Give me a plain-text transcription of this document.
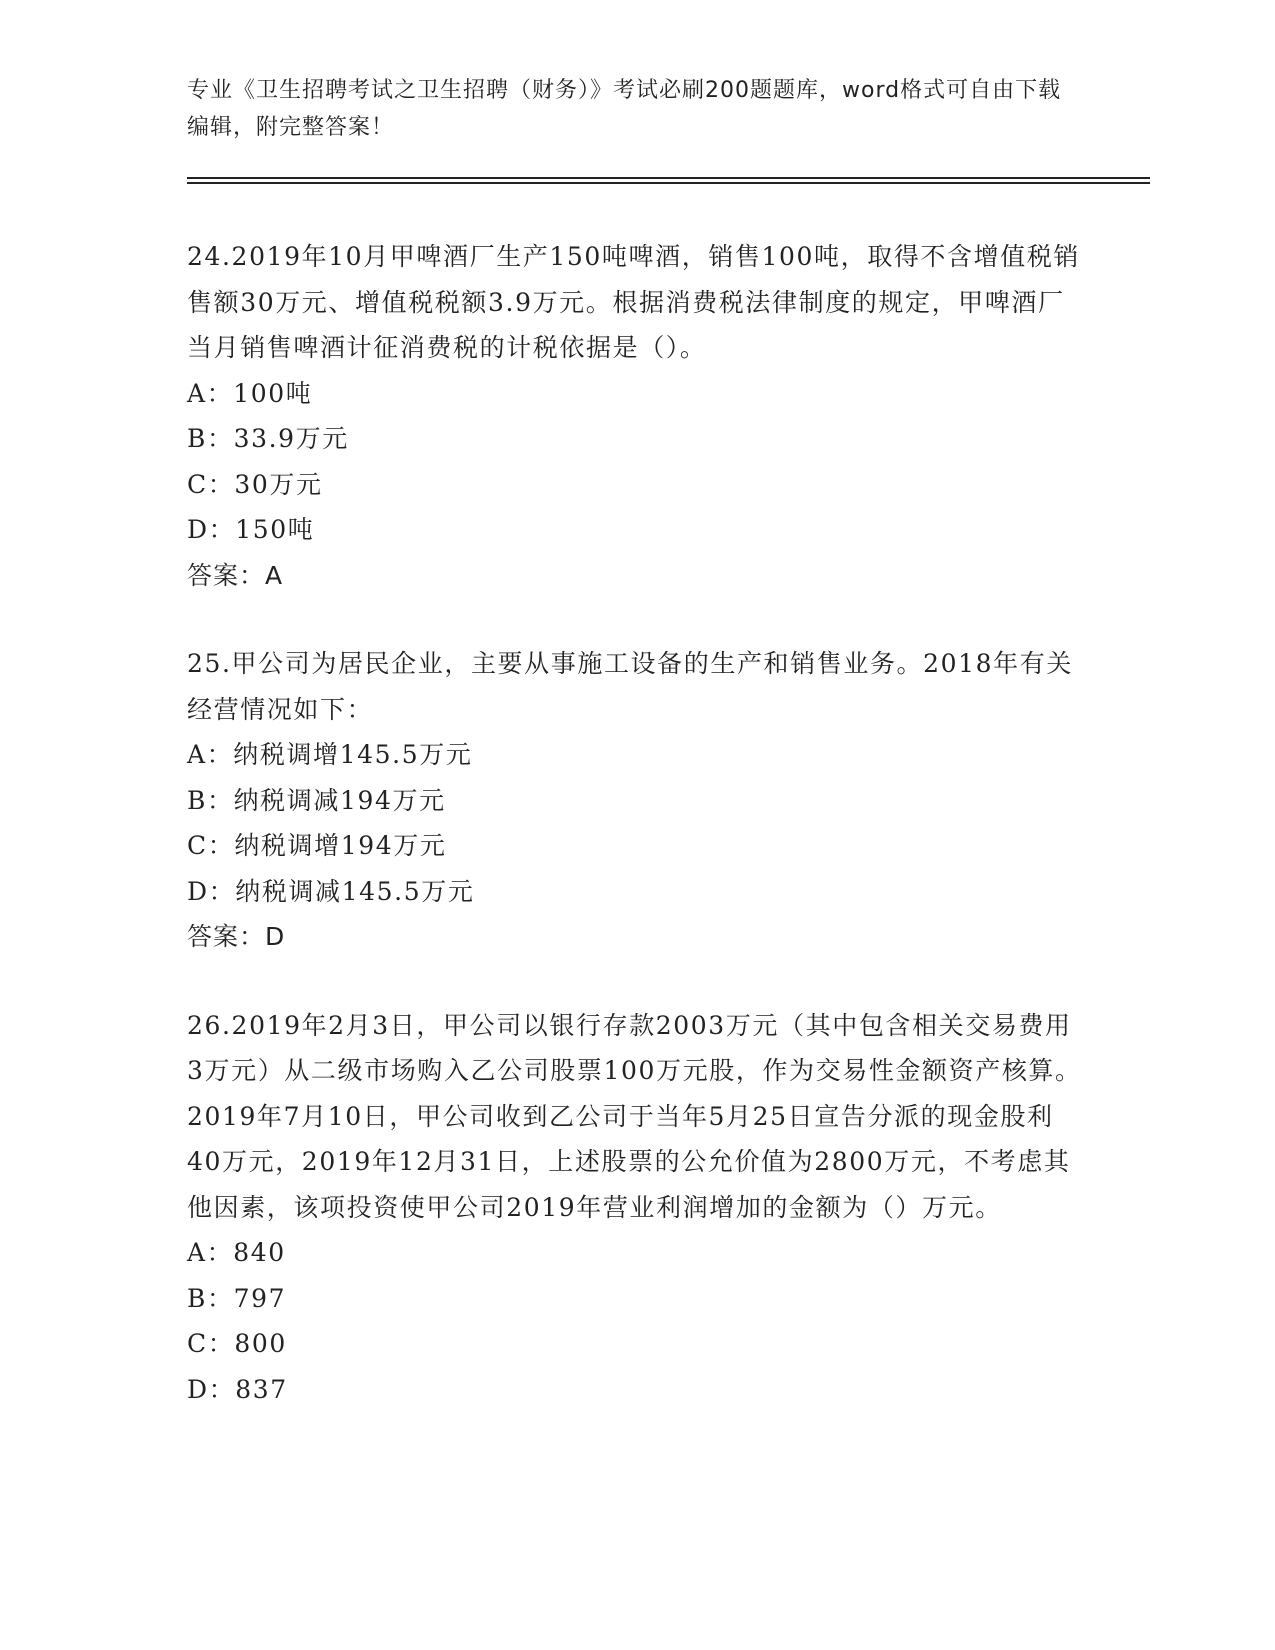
专业《卫生招聘考试之卫生招聘（财务）》考试必刷200题题库，word格式可自由下载编辑，附完整答案！

24.2019年10月甲啤酒厂生产150吨啤酒，销售100吨，取得不含增值税销售额30万元、增值税税额3.9万元。根据消费税法律制度的规定，甲啤酒厂当月销售啤酒计征消费税的计税依据是（）。

A：100吨

B：33.9万元

C：30万元

D：150吨

答案：A

25.甲公司为居民企业，主要从事施工设备的生产和销售业务。2018年有关经营情况如下：

A：纳税调增145.5万元

B：纳税调减194万元

C：纳税调增194万元

D：纳税调减145.5万元

答案：D

26.2019年2月3日，甲公司以银行存款2003万元（其中包含相关交易费用3万元）从二级市场购入乙公司股票100万元股，作为交易性金额资产核算。2019年7月10日，甲公司收到乙公司于当年5月25日宣告分派的现金股利40万元，2019年12月31日，上述股票的公允价值为2800万元，不考虑其他因素，该项投资使甲公司2019年营业利润增加的金额为（）万元。

A：840

B：797

C：800

D：837
